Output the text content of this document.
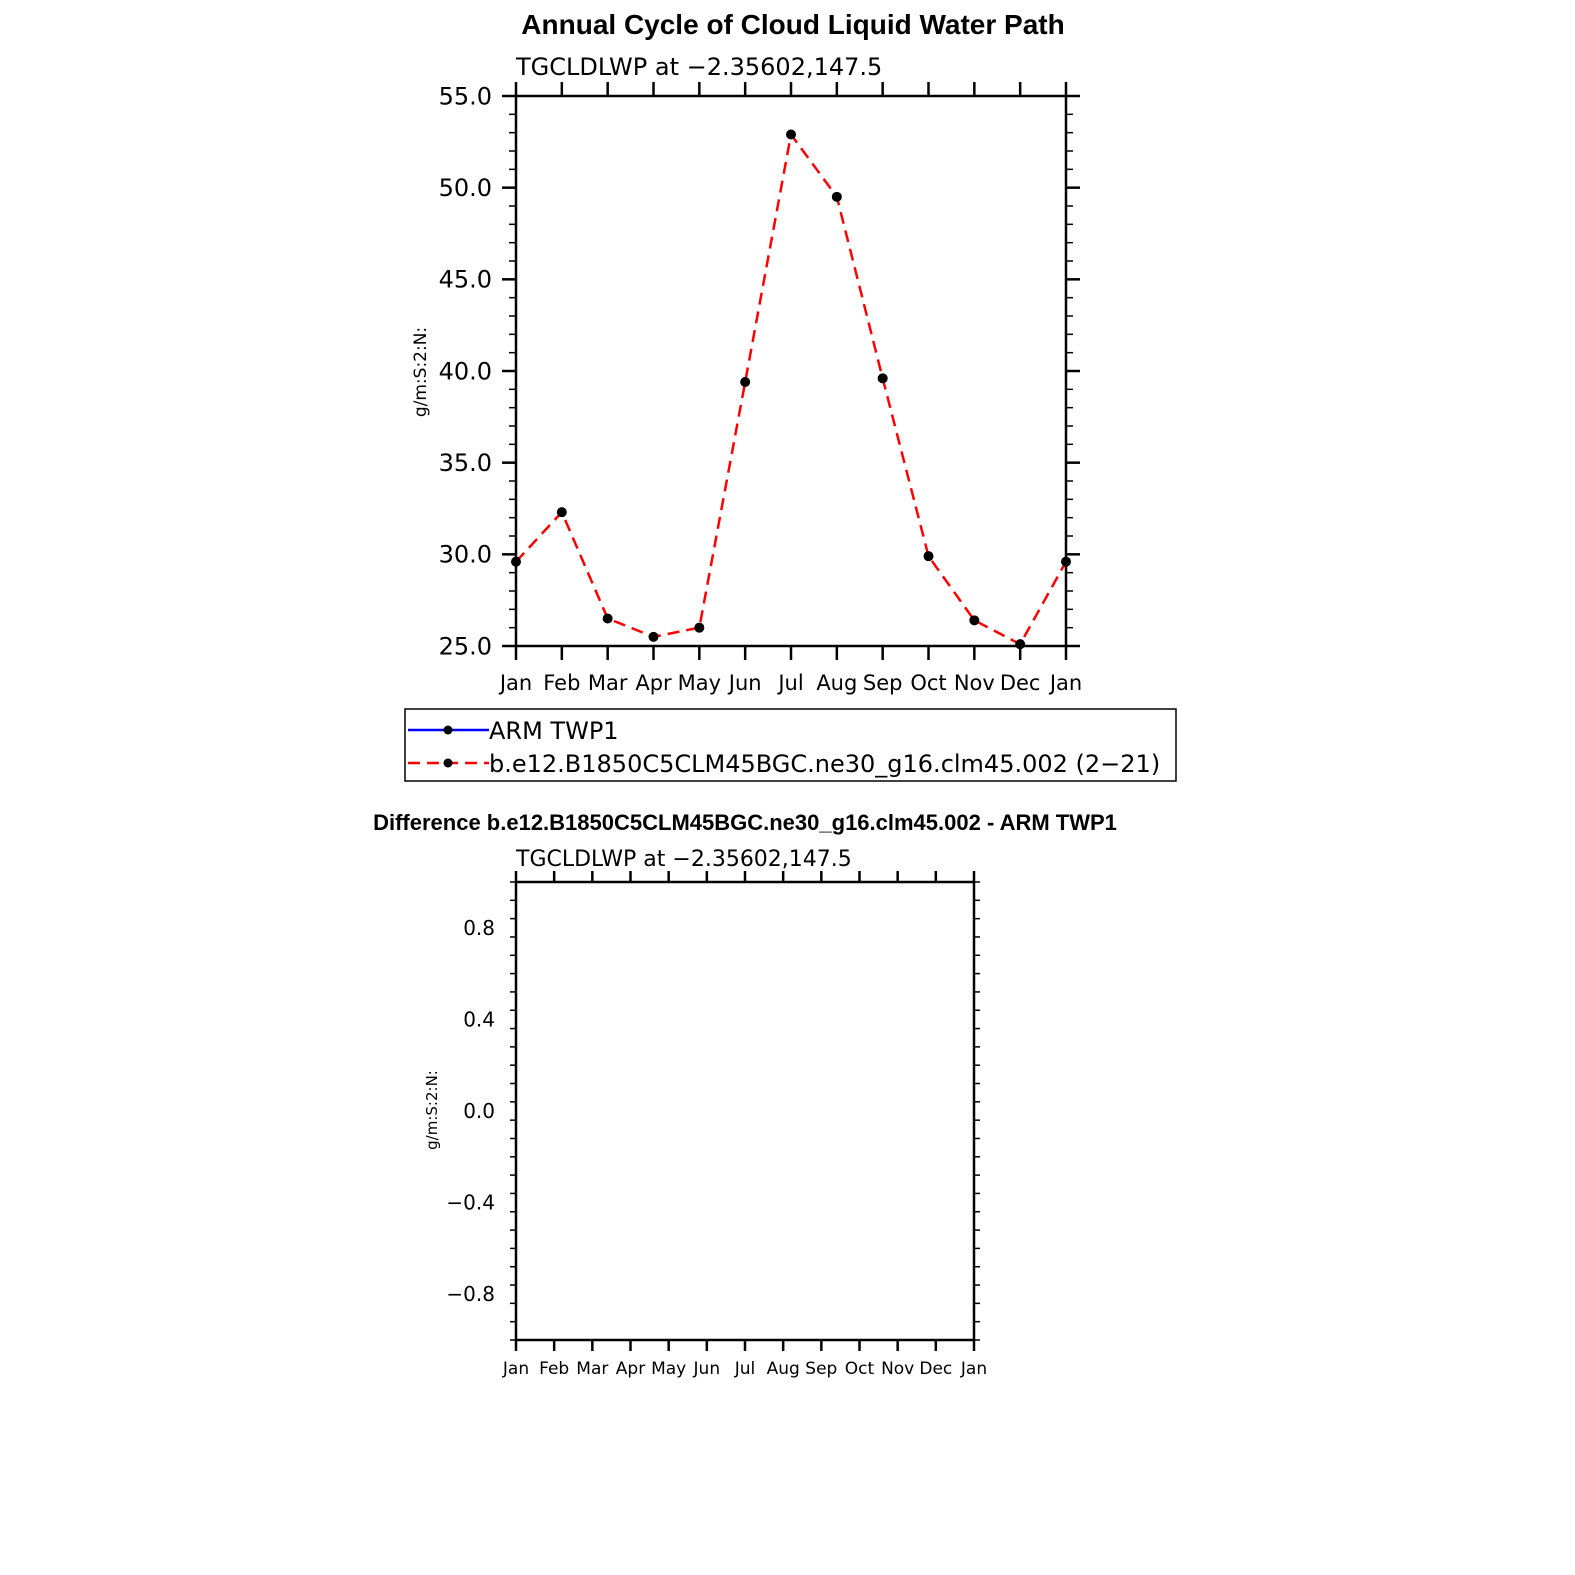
Annual Cycle of Cloud Liquid Water Path
TGCLDLWP at −2.35602,147.5
g/m:S:2:N:
25.0
30.0
35.0
40.0
45.0
50.0
55.0
Jan Feb Mar Apr May Jun Jul Aug Sep Oct Nov Dec Jan
ARM TWP1
b.e12.B1850C5CLM45BGC.ne30_g16.clm45.002 (2−21)
Difference b.e12.B1850C5CLM45BGC.ne30_g16.clm45.002 - ARM TWP1
TGCLDLWP at −2.35602,147.5
g/m:S:2:N:
−0.8
−0.4
0.0
0.4
0.8
Jan Feb Mar Apr May Jun Jul Aug Sep Oct Nov Dec Jan
